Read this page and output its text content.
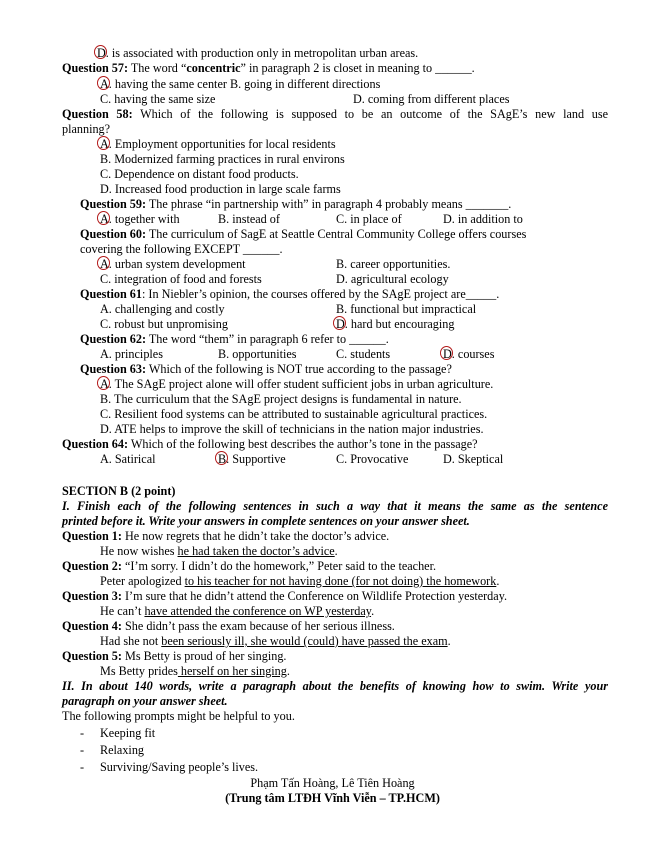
D. is associated with production only in metropolitan urban areas.
Question 57: The word “concentric” in paragraph 2 is closet in meaning to ______.
A. having the same center B. going in different directions
C. having the same size	D. coming from different places
Question 58: Which of the following is supposed to be an outcome of the SAgE’s new land use
planning?
A. Employment opportunities for local residents
B. Modernized farming practices in rural environs
C. Dependence on distant food products.
D. Increased food production in large scale farms
Question 59: The phrase “in partnership with” in paragraph 4 probably means _______.
A. together with	B. instead of	C. in place of	D. in addition to
Question 60: The curriculum of SagE at Seattle Central Community College offers courses
covering the following EXCEPT ______.
A. urban system development	B. career opportunities.
C. integration of food and forests	D. agricultural ecology
Question 61: In Niebler’s opinion, the courses offered by the SAgE project are_____.
A. challenging and costly	B. functional but impractical
C. robust but unpromising	D. hard but encouraging
Question 62: The word “them” in paragraph 6 refer to ______.
A. principles	B. opportunities	C. students	D. courses
Question 63: Which of the following is NOT true according to the passage?
A. The SAgE project alone will offer student sufficient jobs in urban agriculture.
B. The curriculum that the SAgE project designs is fundamental in nature.
C. Resilient food systems can be attributed to sustainable agricultural practices.
D. ATE helps to improve the skill of technicians in the nation major industries.
Question 64: Which of the following best describes the author’s tone in the passage?
A. Satirical	B. Supportive	C. Provocative	D. Skeptical
SECTION B (2 point)
I. Finish each of the following sentences in such a way that it means the same as the sentence
printed before it. Write your answers in complete sentences on your answer sheet.
Question 1: He now regrets that he didn’t take the doctor’s advice.
He now wishes he had taken the doctor’s advice.
Question 2: “I’m sorry. I didn’t do the homework,” Peter said to the teacher.
Peter apologized to his teacher for not having done (for not doing) the homework.
Question 3: I’m sure that he didn’t attend the Conference on Wildlife Protection yesterday.
He can’t have attended the conference on WP yesterday.
Question 4: She didn’t pass the exam because of her serious illness.
Had she not been seriously ill, she would (could) have passed the exam.
Question 5: Ms Betty is proud of her singing.
Ms Betty prides herself on her singing.
II. In about 140 words, write a paragraph about the benefits of knowing how to swim. Write your
paragraph on your answer sheet.
The following prompts might be helpful to you.
- Keeping fit
- Relaxing
- Surviving/Saving people’s lives.
Phạm Tấn Hoàng, Lê Tiên Hoàng
(Trung tâm LTĐH Vĩnh Viễn – TP.HCM)
